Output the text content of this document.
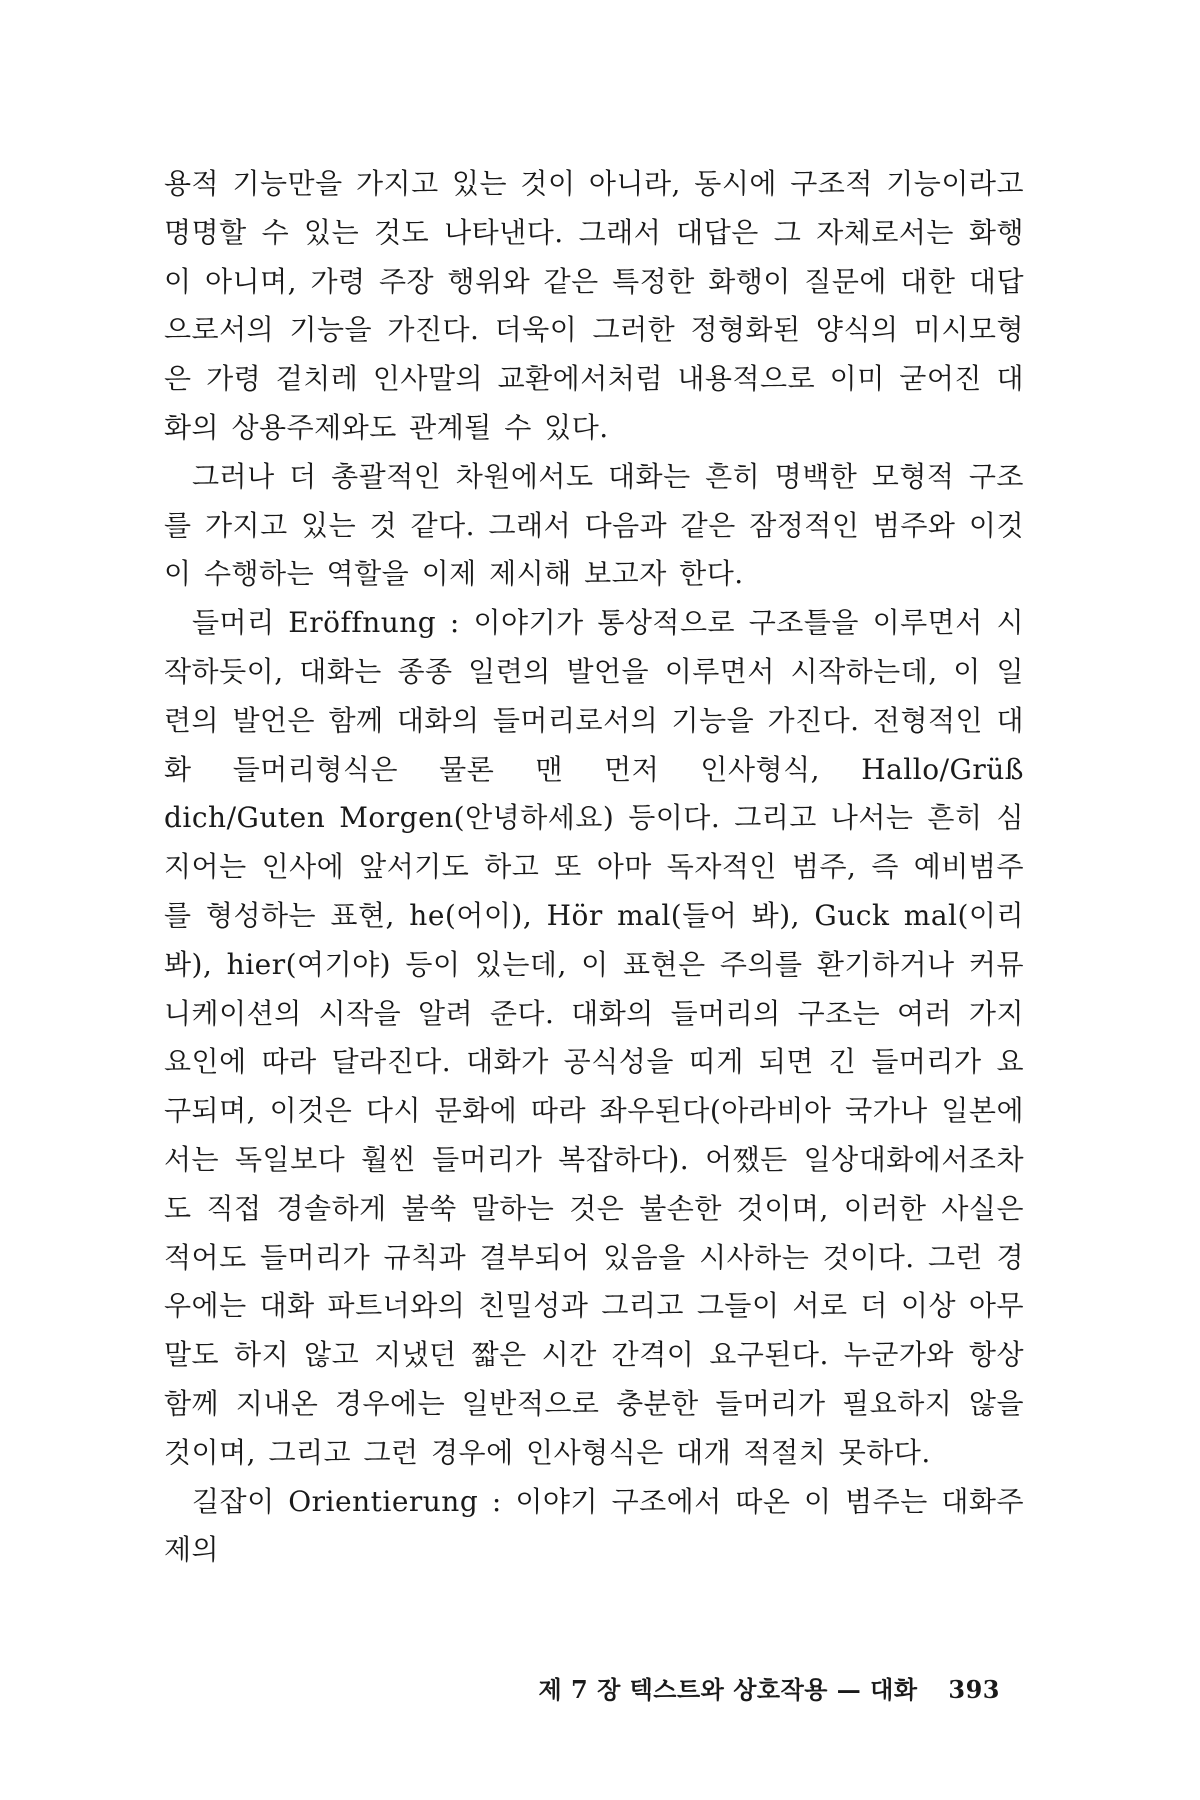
용적 기능만을 가지고 있는 것이 아니라, 동시에 구조적 기능이라고 명명할 수 있는 것도 나타낸다. 그래서 대답은 그 자체로서는 화행이 아니며, 가령 주장 행위와 같은 특정한 화행이 질문에 대한 대답으로서의 기능을 가진다. 더욱이 그러한 정형화된 양식의 미시모형은 가령 겉치레 인사말의 교환에서처럼 내용적으로 이미 굳어진 대화의 상용주제와도 관계될 수 있다.

그러나 더 총괄적인 차원에서도 대화는 흔히 명백한 모형적 구조를 가지고 있는 것 같다. 그래서 다음과 같은 잠정적인 범주와 이것이 수행하는 역할을 이제 제시해 보고자 한다.

들머리 Eröffnung : 이야기가 통상적으로 구조틀을 이루면서 시작하듯이, 대화는 종종 일련의 발언을 이루면서 시작하는데, 이 일련의 발언은 함께 대화의 들머리로서의 기능을 가진다. 전형적인 대화 들머리형식은 물론 맨 먼저 인사형식, Hallo/Grüß dich/Guten Morgen(안녕하세요) 등이다. 그리고 나서는 흔히 심지어는 인사에 앞서기도 하고 또 아마 독자적인 범주, 즉 예비범주를 형성하는 표현, he(어이), Hör mal(들어 봐), Guck mal(이리 봐), hier(여기야) 등이 있는데, 이 표현은 주의를 환기하거나 커뮤니케이션의 시작을 알려 준다. 대화의 들머리의 구조는 여러 가지 요인에 따라 달라진다. 대화가 공식성을 띠게 되면 긴 들머리가 요구되며, 이것은 다시 문화에 따라 좌우된다(아라비아 국가나 일본에서는 독일보다 훨씬 들머리가 복잡하다). 어쨌든 일상대화에서조차도 직접 경솔하게 불쑥 말하는 것은 불손한 것이며, 이러한 사실은 적어도 들머리가 규칙과 결부되어 있음을 시사하는 것이다. 그런 경우에는 대화 파트너와의 친밀성과 그리고 그들이 서로 더 이상 아무말도 하지 않고 지냈던 짧은 시간 간격이 요구된다. 누군가와 항상 함께 지내온 경우에는 일반적으로 충분한 들머리가 필요하지 않을 것이며, 그리고 그런 경우에 인사형식은 대개 적절치 못하다.

길잡이 Orientierung : 이야기 구조에서 따온 이 범주는 대화주제의

제 7 장 텍스트와 상호작용 — 대화 393
